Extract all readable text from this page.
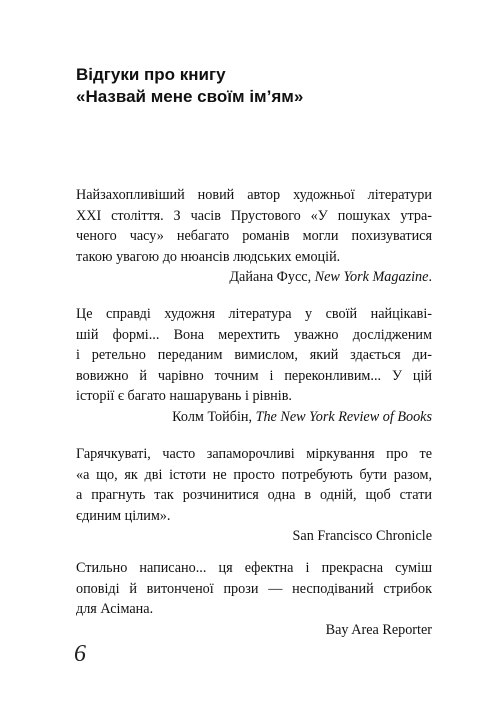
Відгуки про книгу
«Назвай мене своїм ім’ям»
Найзахопливіший новий автор художньої літератури
XXI століття. З часів Прустового «У пошуках утра-
ченого часу» небагато романів могли похизуватися
такою увагою до нюансів людських емоцій.
Дайана Фусс, New York Magazine.
Це справді художня література у своїй найцікаві-
шій формі... Вона мерехтить уважно дослідженим
і ретельно переданим вимислом, який здається ди-
вовижно й чарівно точним і переконливим... У цій
історії є багато нашарувань і рівнів.
Колм Тойбін, The New York Review of Books
Гарячкуваті, часто запаморочливі міркування про те
«а що, як дві істоти не просто потребують бути разом,
а прагнуть так розчинитися одна в одній, щоб стати
єдиним цілим».
San Francisco Chronicle
Стильно написано... ця ефектна і прекрасна суміш
оповіді й витонченої прози — несподіваний стрибок
для Асімана.
Bay Area Reporter
6
